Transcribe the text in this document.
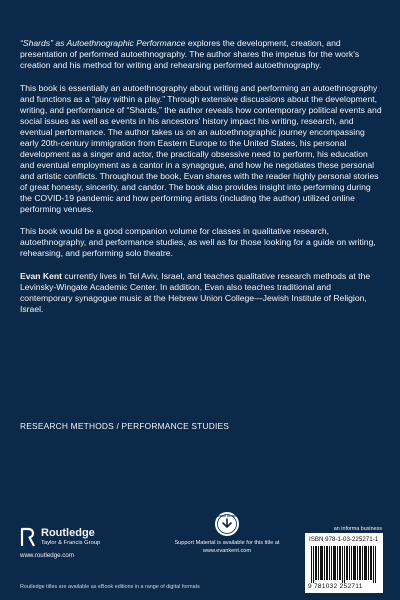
“Shards” as Autoethnographic Performance explores the development, creation, and presentation of performed autoethnography. The author shares the impetus for the work’s creation and his method for writing and rehearsing performed autoethnography.

This book is essentially an autoethnography about writing and performing an autoethnography and functions as a “play within a play.” Through extensive discussions about the development, writing, and performance of “Shards,” the author reveals how contemporary political events and social issues as well as events in his ancestors’ history impact his writing, research, and eventual performance. The author takes us on an autoethnographic journey encompassing early 20th-century immigration from Eastern Europe to the United States, his personal development as a singer and actor, the practically obsessive need to perform, his education and eventual employment as a cantor in a synagogue, and how he negotiates these personal and artistic conflicts. Throughout the book, Evan shares with the reader highly personal stories of great honesty, sincerity, and candor. The book also provides insight into performing during the COVID-19 pandemic and how performing artists (including the author) utilized online performing venues.

This book would be a good companion volume for classes in qualitative research, autoethnography, and performance studies, as well as for those looking for a guide on writing, rehearsing, and performing solo theatre.

Evan Kent currently lives in Tel Aviv, Israel, and teaches qualitative research methods at the Levinsky-Wingate Academic Center. In addition, Evan also teaches traditional and contemporary synagogue music at the Hebrew Union College—Jewish Institute of Religion, Israel.

RESEARCH METHODS / PERFORMANCE STUDIES
Routledge
Taylor & Francis Group
www.routledge.com
SUPPORT MATERIAL
Support Material is available for this title at
www.evankent.com
an informa business
ISBN 978-1-03-225271-1
9 781032 252711
Routledge titles are available as eBook editions in a range of digital formats
